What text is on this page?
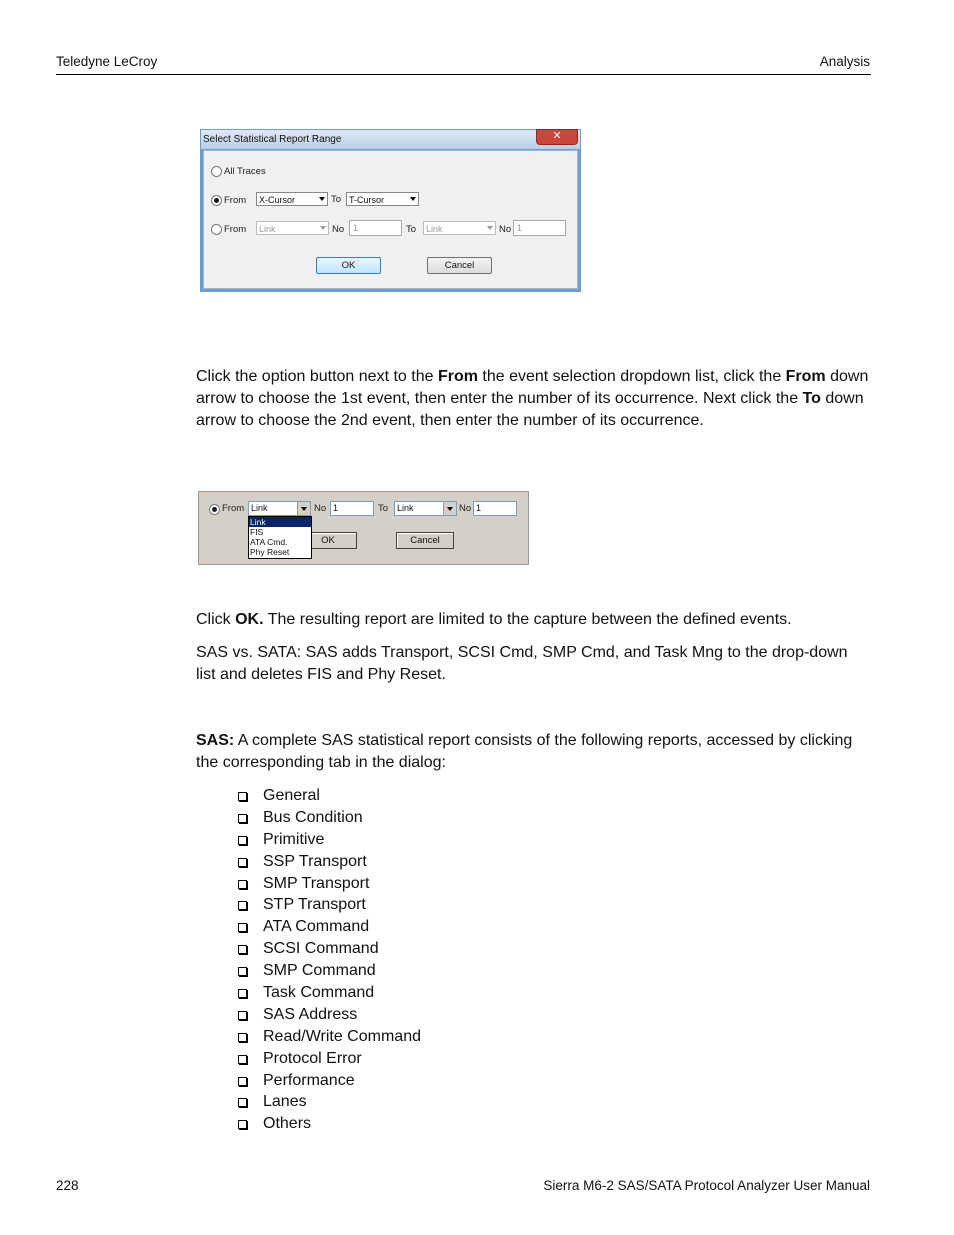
Teledyne LeCroy	Analysis
Select Statistical Report Range	✕
All Traces
From	X-Cursor	To T-Cursor
From	Link	No 1	To	Link	No 1
OK	Cancel
Click the option button next to the From the event selection dropdown list, click the From down arrow to choose the 1st event, then enter the number of its occurrence. Next click the To down arrow to choose the 2nd event, then enter the number of its occurrence.
From Link	No 1	To Link	No 1
OK	Cancel
Link
FIS
ATA Cmd.
Phy Reset
Click OK. The resulting report are limited to the capture between the defined events.
SAS vs. SATA: SAS adds Transport, SCSI Cmd, SMP Cmd, and Task Mng to the drop-down list and deletes FIS and Phy Reset.
SAS: A complete SAS statistical report consists of the following reports, accessed by clicking the corresponding tab in the dialog:
General
Bus Condition
Primitive
SSP Transport
SMP Transport
STP Transport
ATA Command
SCSI Command
SMP Command
Task Command
SAS Address
Read/Write Command
Protocol Error
Performance
Lanes
Others
228	Sierra M6-2 SAS/SATA Protocol Analyzer User Manual
